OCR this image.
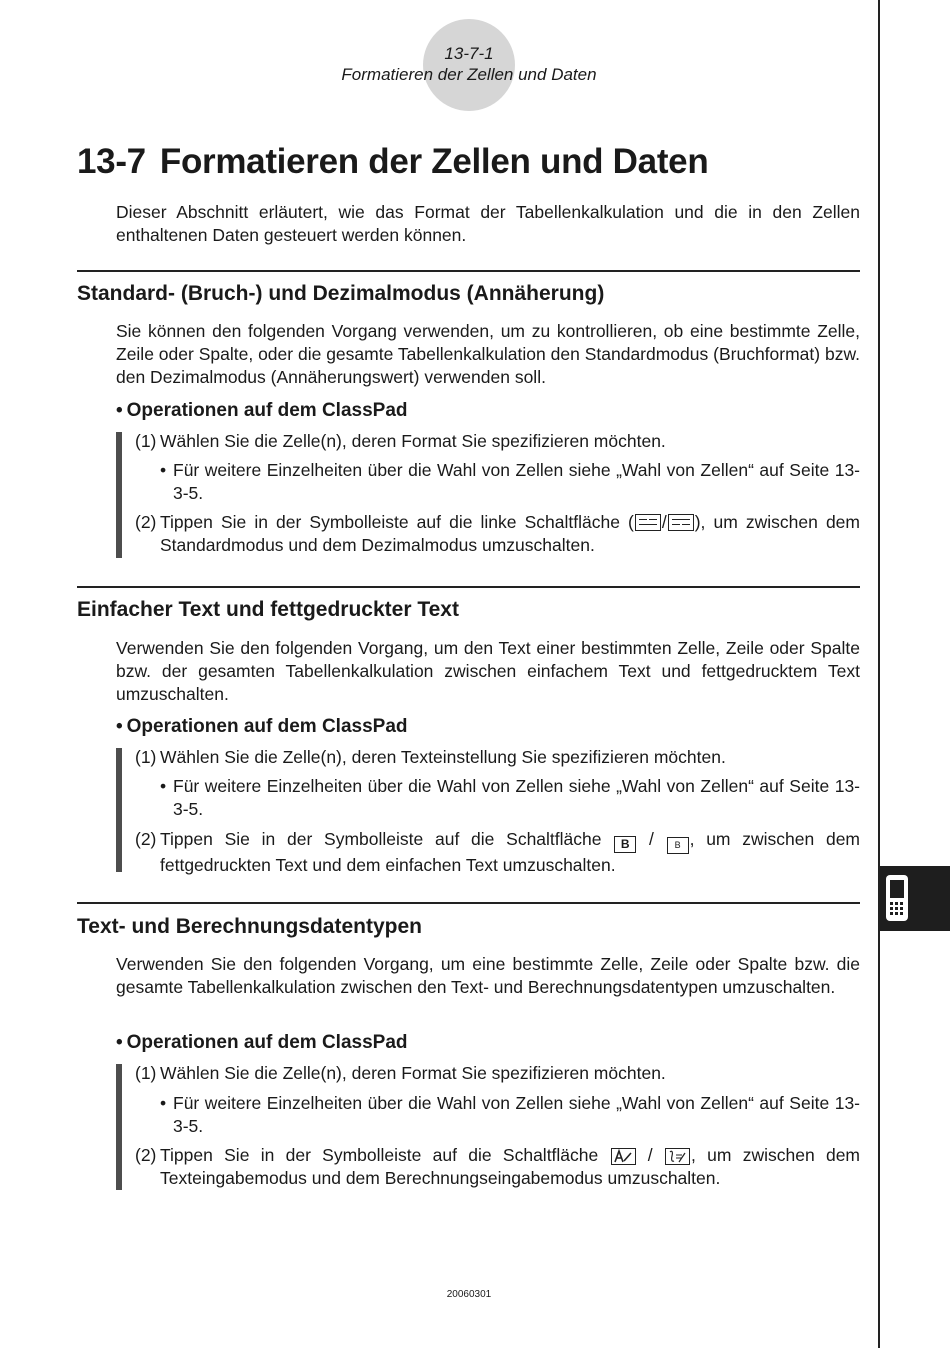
13-7-1
Formatieren der Zellen und Daten
13-7 Formatieren der Zellen und Daten

Dieser Abschnitt erläutert, wie das Format der Tabellenkalkulation und die in den Zellen enthaltenen Daten gesteuert werden können.

Standard- (Bruch-) und Dezimalmodus (Annäherung)

Sie können den folgenden Vorgang verwenden, um zu kontrollieren, ob eine bestimmte Zelle, Zeile oder Spalte, oder die gesamte Tabellenkalkulation den Standardmodus (Bruchformat) bzw. den Dezimalmodus (Annäherungswert) verwenden soll.

• Operationen auf dem ClassPad
(1) Wählen Sie die Zelle(n), deren Format Sie spezifizieren möchten.
• Für weitere Einzelheiten über die Wahl von Zellen siehe „Wahl von Zellen“ auf Seite 13-3-5.
(2) Tippen Sie in der Symbolleiste auf die linke Schaltfläche ( / ), um zwischen dem Standardmodus und dem Dezimalmodus umzuschalten.
Einfacher Text und fettgedruckter Text

Verwenden Sie den folgenden Vorgang, um den Text einer bestimmten Zelle, Zeile oder Spalte bzw. der gesamten Tabellenkalkulation zwischen einfachem Text und fettgedrucktem Text umzuschalten.

• Operationen auf dem ClassPad
(1) Wählen Sie die Zelle(n), deren Texteinstellung Sie spezifizieren möchten.
• Für weitere Einzelheiten über die Wahl von Zellen siehe „Wahl von Zellen“ auf Seite 13-3-5.
(2) Tippen Sie in der Symbolleiste auf die Schaltfläche B / B , um zwischen dem fettgedruckten Text und dem einfachen Text umzuschalten.
Text- und Berechnungsdatentypen

Verwenden Sie den folgenden Vorgang, um eine bestimmte Zelle, Zeile oder Spalte bzw. die gesamte Tabellenkalkulation zwischen den Text- und Berechnungsdatentypen umzuschalten.

• Operationen auf dem ClassPad
(1) Wählen Sie die Zelle(n), deren Format Sie spezifizieren möchten.
• Für weitere Einzelheiten über die Wahl von Zellen siehe „Wahl von Zellen“ auf Seite 13-3-5.
(2) Tippen Sie in der Symbolleiste auf die Schaltfläche  / , um zwischen dem Texteingabemodus und dem Berechnungseingabemodus umzuschalten.
20060301
